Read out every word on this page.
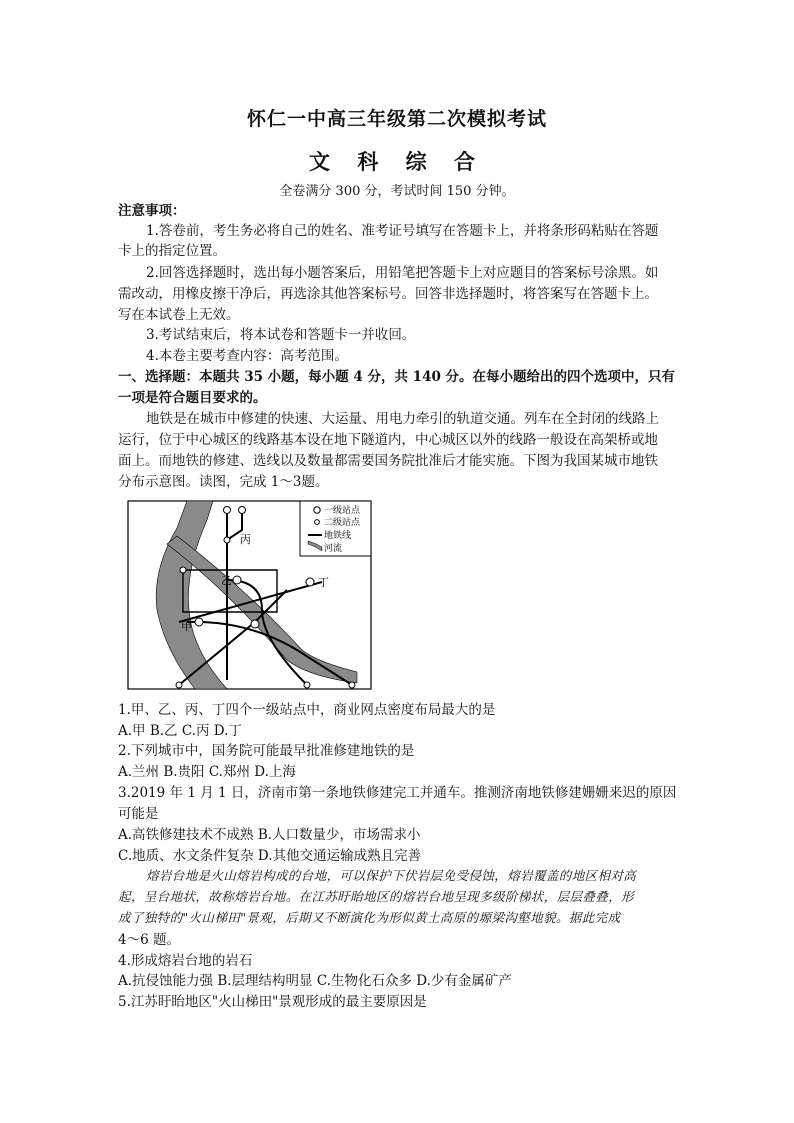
怀仁一中高三年级第二次模拟考试
文 科 综 合
全卷满分 300 分，考试时间 150 分钟。
注意事项：
1.答卷前，考生务必将自己的姓名、准考证号填写在答题卡上，并将条形码粘贴在答题
卡上的指定位置。
2.回答选择题时，选出每小题答案后，用铅笔把答题卡上对应题目的答案标号涂黑。如
需改动，用橡皮擦干净后，再选涂其他答案标号。回答非选择题时，将答案写在答题卡上。
写在本试卷上无效。
3.考试结束后，将本试卷和答题卡一并收回。
4.本卷主要考查内容：高考范围。
一、选择题：本题共 35 小题，每小题 4 分，共 140 分。在每小题给出的四个选项中，只有
一项是符合题目要求的。
地铁是在城市中修建的快速、大运量、用电力牵引的轨道交通。列车在全封闭的线路上
运行，位于中心城区的线路基本设在地下隧道内，中心城区以外的线路一般设在高架桥或地
面上。而地铁的修建、选线以及数量都需要国务院批准后才能实施。下图为我国某城市地铁
分布示意图。读图，完成 1～3题。
甲
乙
丙
丁
一级站点
二级站点
地铁线
河流
1.甲、乙、丙、丁四个一级站点中，商业网点密度布局最大的是
A.甲 B.乙 C.丙 D.丁
2.下列城市中，国务院可能最早批准修建地铁的是
A.兰州 B.贵阳 C.郑州 D.上海
3.2019 年 1 月 1 日，济南市第一条地铁修建完工并通车。推测济南地铁修建姗姗来迟的原因
可能是
A.高铁修建技术不成熟 B.人口数量少，市场需求小
C.地质、水文条件复杂 D.其他交通运输成熟且完善
熔岩台地是火山熔岩构成的台地，可以保护下伏岩层免受侵蚀，熔岩覆盖的地区相对高
起，呈台地状，故称熔岩台地。在江苏盱眙地区的熔岩台地呈现多级阶梯状，层层叠叠，形
成了独特的"火山梯田"景观，后期又不断演化为形似黄土高原的塬梁沟壑地貌。据此完成
4～6 题。
4.形成熔岩台地的岩石
A.抗侵蚀能力强 B.层理结构明显 C.生物化石众多 D.少有金属矿产
5.江苏盱眙地区"火山梯田"景观形成的最主要原因是
